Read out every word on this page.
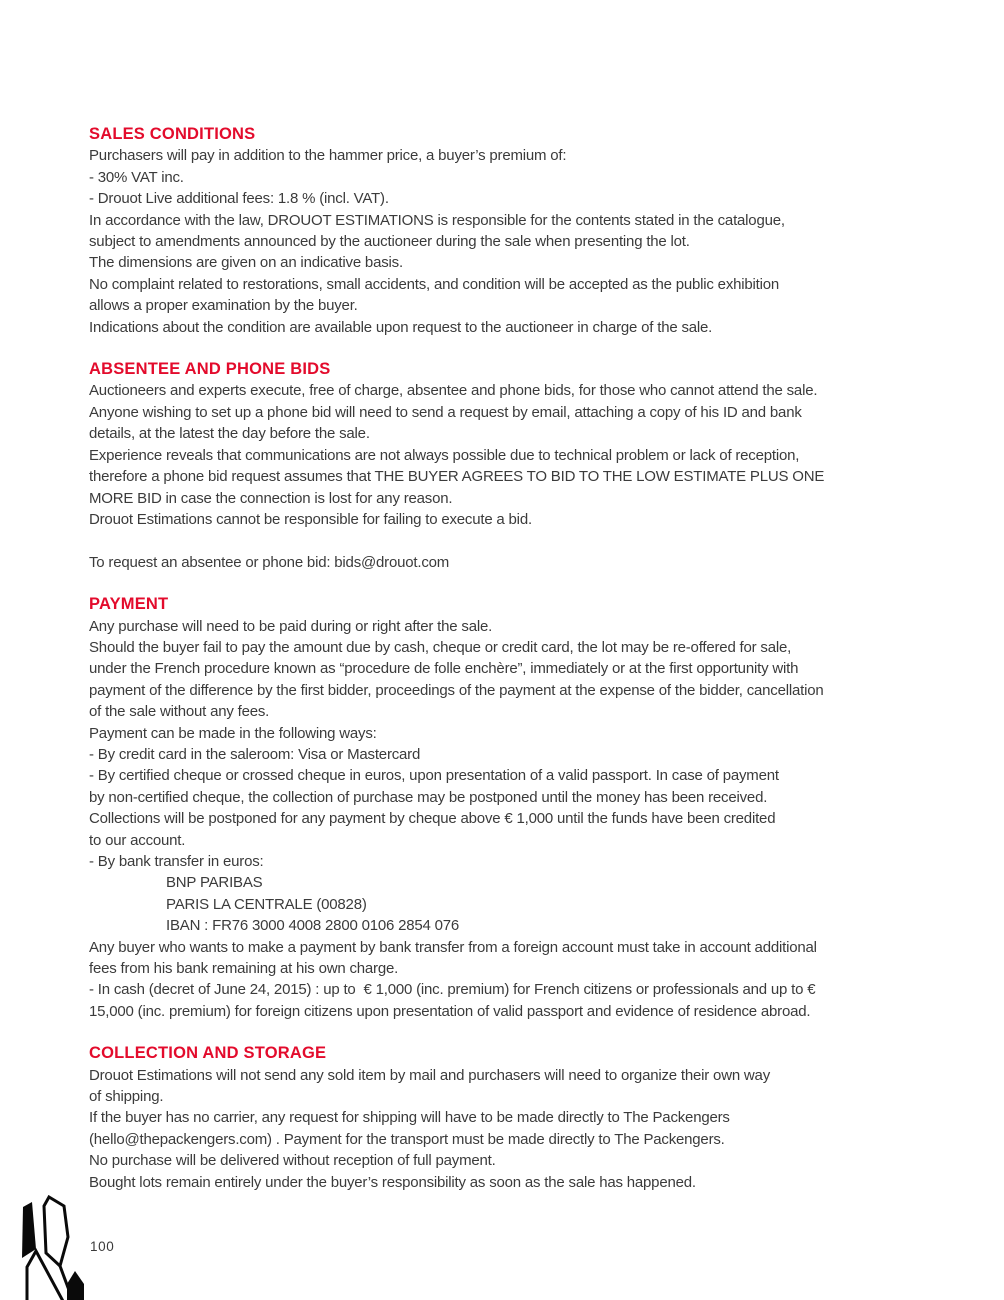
SALES CONDITIONS
Purchasers will pay in addition to the hammer price, a buyer’s premium of:
- 30% VAT inc.
- Drouot Live additional fees: 1.8 % (incl. VAT).
In accordance with the law, DROUOT ESTIMATIONS is responsible for the contents stated in the catalogue,
subject to amendments announced by the auctioneer during the sale when presenting the lot.
The dimensions are given on an indicative basis.
No complaint related to restorations, small accidents, and condition will be accepted as the public exhibition
allows a proper examination by the buyer.
Indications about the condition are available upon request to the auctioneer in charge of the sale.
ABSENTEE AND PHONE BIDS
Auctioneers and experts execute, free of charge, absentee and phone bids, for those who cannot attend the sale.
Anyone wishing to set up a phone bid will need to send a request by email, attaching a copy of his ID and bank
details, at the latest the day before the sale.
Experience reveals that communications are not always possible due to technical problem or lack of reception,
therefore a phone bid request assumes that THE BUYER AGREES TO BID TO THE LOW ESTIMATE PLUS ONE
MORE BID in case the connection is lost for any reason.
Drouot Estimations cannot be responsible for failing to execute a bid.
To request an absentee or phone bid: bids@drouot.com
PAYMENT
Any purchase will need to be paid during or right after the sale.
Should the buyer fail to pay the amount due by cash, cheque or credit card, the lot may be re-offered for sale,
under the French procedure known as “procedure de folle enchère”, immediately or at the first opportunity with
payment of the difference by the first bidder, proceedings of the payment at the expense of the bidder, cancellation
of the sale without any fees.
Payment can be made in the following ways:
- By credit card in the saleroom: Visa or Mastercard
- By certified cheque or crossed cheque in euros, upon presentation of a valid passport. In case of payment
by non-certified cheque, the collection of purchase may be postponed until the money has been received.
Collections will be postponed for any payment by cheque above € 1,000 until the funds have been credited
to our account.
- By bank transfer in euros:
	BNP PARIBAS
	PARIS LA CENTRALE (00828)
	IBAN : FR76 3000 4008 2800 0106 2854 076
Any buyer who wants to make a payment by bank transfer from a foreign account must take in account additional
fees from his bank remaining at his own charge.
- In cash (decret of June 24, 2015) : up to  € 1,000 (inc. premium) for French citizens or professionals and up to €
15,000 (inc. premium) for foreign citizens upon presentation of valid passport and evidence of residence abroad.
COLLECTION AND STORAGE
Drouot Estimations will not send any sold item by mail and purchasers will need to organize their own way
of shipping.
If the buyer has no carrier, any request for shipping will have to be made directly to The Packengers
(hello@thepackengers.com) . Payment for the transport must be made directly to The Packengers.
No purchase will be delivered without reception of full payment.
Bought lots remain entirely under the buyer’s responsibility as soon as the sale has happened.
100
